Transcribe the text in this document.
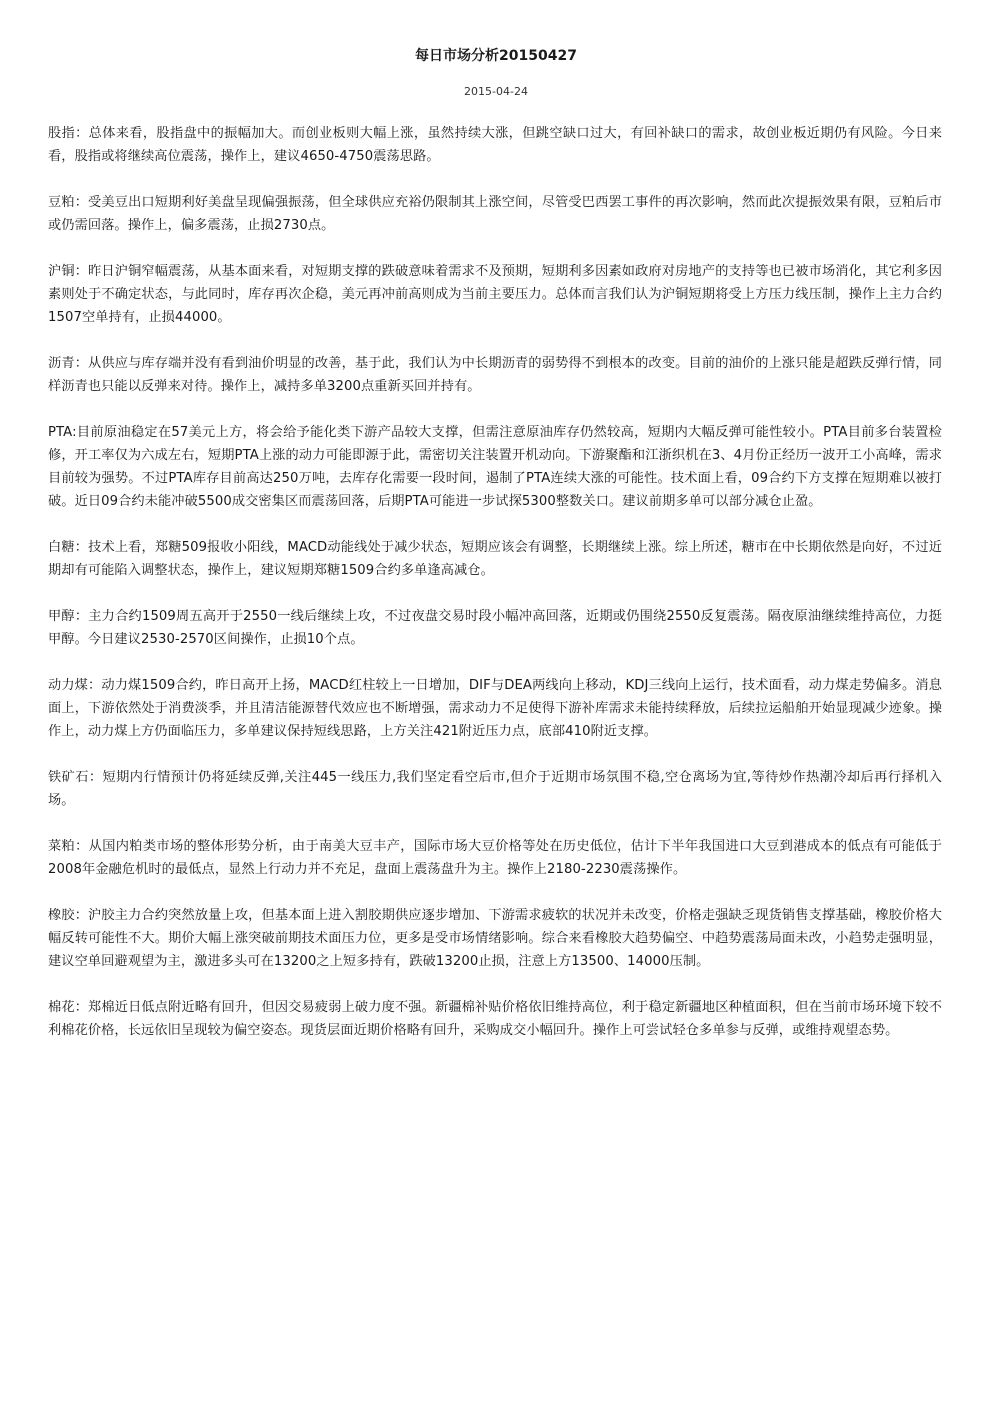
每日市场分析20150427
2015-04-24

股指：总体来看，股指盘中的振幅加大。而创业板则大幅上涨，虽然持续大涨，但跳空缺口过大，有回补缺口的需求，故创业板近期仍有风险。今日来看，股指或将继续高位震荡，操作上，建议4650-4750震荡思路。

豆粕：受美豆出口短期利好美盘呈现偏强振荡，但全球供应充裕仍限制其上涨空间，尽管受巴西罢工事件的再次影响，然而此次提振效果有限，豆粕后市或仍需回落。操作上，偏多震荡，止损2730点。

沪铜：昨日沪铜窄幅震荡，从基本面来看，对短期支撑的跌破意味着需求不及预期，短期利多因素如政府对房地产的支持等也已被市场消化，其它利多因素则处于不确定状态，与此同时，库存再次企稳，美元再冲前高则成为当前主要压力。总体而言我们认为沪铜短期将受上方压力线压制，操作上主力合约1507空单持有，止损44000。

沥青：从供应与库存端并没有看到油价明显的改善，基于此，我们认为中长期沥青的弱势得不到根本的改变。目前的油价的上涨只能是超跌反弹行情，同样沥青也只能以反弹来对待。操作上，减持多单3200点重新买回并持有。

PTA:目前原油稳定在57美元上方，将会给予能化类下游产品较大支撑，但需注意原油库存仍然较高，短期内大幅反弹可能性较小。PTA目前多台装置检修，开工率仅为六成左右，短期PTA上涨的动力可能即源于此，需密切关注装置开机动向。下游聚酯和江浙织机在3、4月份正经历一波开工小高峰，需求目前较为强势。不过PTA库存目前高达250万吨，去库存化需要一段时间，遏制了PTA连续大涨的可能性。技术面上看，09合约下方支撑在短期难以被打破。近日09合约未能冲破5500成交密集区而震荡回落，后期PTA可能进一步试探5300整数关口。建议前期多单可以部分减仓止盈。

白糖：技术上看，郑糖509报收小阳线，MACD动能线处于减少状态，短期应该会有调整，长期继续上涨。综上所述，糖市在中长期依然是向好，不过近期却有可能陷入调整状态，操作上，建议短期郑糖1509合约多单逢高减仓。

甲醇：主力合约1509周五高开于2550一线后继续上攻，不过夜盘交易时段小幅冲高回落，近期或仍围绕2550反复震荡。隔夜原油继续维持高位，力挺甲醇。今日建议2530-2570区间操作，止损10个点。

动力煤：动力煤1509合约，昨日高开上扬，MACD红柱较上一日增加，DIF与DEA两线向上移动，KDJ三线向上运行，技术面看，动力煤走势偏多。消息面上，下游依然处于消费淡季，并且清洁能源替代效应也不断增强，需求动力不足使得下游补库需求未能持续释放，后续拉运船舶开始显现减少迹象。操作上，动力煤上方仍面临压力，多单建议保持短线思路，上方关注421附近压力点，底部410附近支撑。

铁矿石：短期内行情预计仍将延续反弹,关注445一线压力,我们坚定看空后市,但介于近期市场氛围不稳,空仓离场为宜,等待炒作热潮冷却后再行择机入场。

菜粕：从国内粕类市场的整体形势分析，由于南美大豆丰产，国际市场大豆价格等处在历史低位，估计下半年我国进口大豆到港成本的低点有可能低于2008年金融危机时的最低点，显然上行动力并不充足，盘面上震荡盘升为主。操作上2180-2230震荡操作。

橡胶：沪胶主力合约突然放量上攻，但基本面上进入割胶期供应逐步增加、下游需求疲软的状况并未改变，价格走强缺乏现货销售支撑基础，橡胶价格大幅反转可能性不大。期价大幅上涨突破前期技术面压力位，更多是受市场情绪影响。综合来看橡胶大趋势偏空、中趋势震荡局面未改，小趋势走强明显，建议空单回避观望为主，激进多头可在13200之上短多持有，跌破13200止损，注意上方13500、14000压制。

棉花：郑棉近日低点附近略有回升，但因交易疲弱上破力度不强。新疆棉补贴价格依旧维持高位，利于稳定新疆地区种植面积，但在当前市场环境下较不利棉花价格，长远依旧呈现较为偏空姿态。现货层面近期价格略有回升，采购成交小幅回升。操作上可尝试轻仓多单参与反弹，或维持观望态势。
